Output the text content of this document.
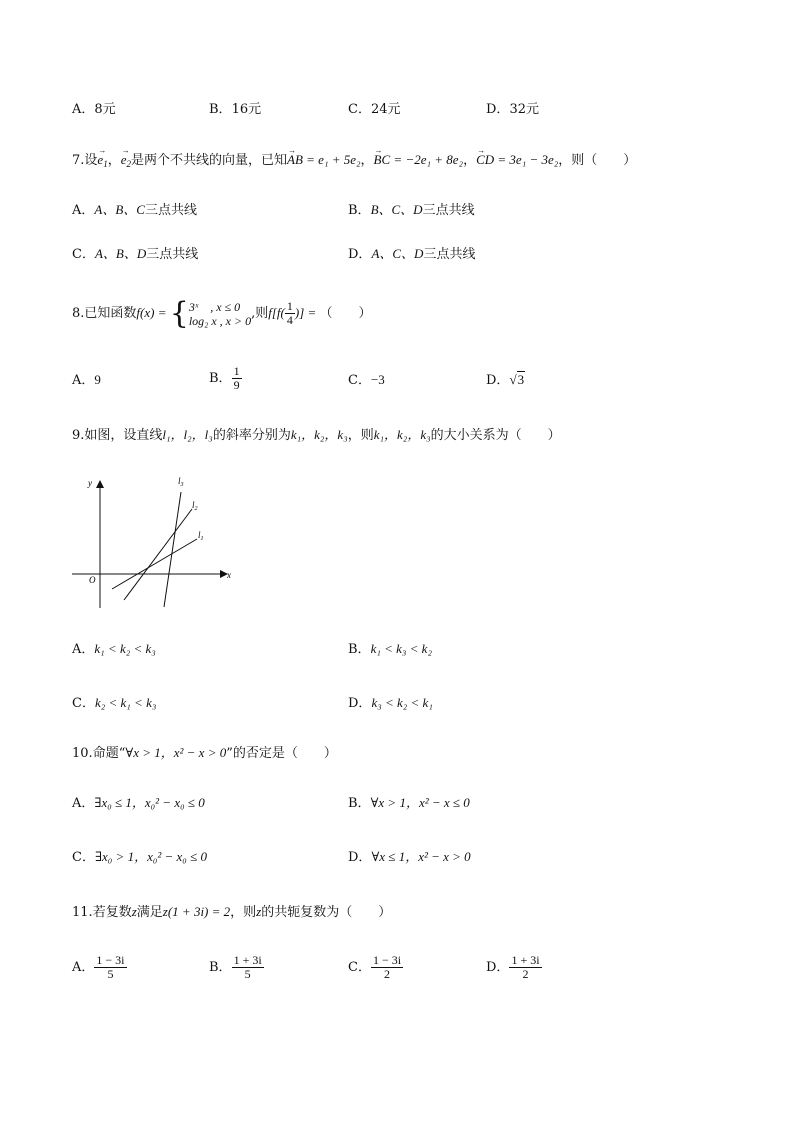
A．8元	B．16元	C．24元	D．32元
7.设→ $e_1$，→ $e_2$是两个不共线的向量，已知→ AB = e₁ + 5e₂，→ BC = −2e₁ + 8e₂，→ CD = 3e₁ − 3e₂，则（　　）
A．A、B、C三点共线	B．B、C、D三点共线
C．A、B、D三点共线	D．A、C、D三点共线
8.已知函数f(x) = { 3ˣ　, x ≤ 0
log₂ x , x > 0 ,则$f[f( \frac{1}{4}$ )] = （　　）
A．9	B． $\frac{1}{9}$	C．−3	D．√3
9.如图，设直线l₁，l₂，l₃的斜率分别为k₁，k₂，k₃，则k₁，k₂，k₃的大小关系为（　　）
y
x
O
$l_1$
$l_2$
$l_3$
A．k₁ < k₂ < k₃	B．k₁ < k₃ < k₂
C．k₂ < k₁ < k₃	D．k₃ < k₂ < k₁
10.命题“∀x > 1，x² − x > 0”的否定是（　　）
A．∃x₀ ≤ 1，x₀² − x₀ ≤ 0	B．∀x > 1，x² − x ≤ 0
C．∃x₀ > 1，x₀² − x₀ ≤ 0	D．∀x ≤ 1，x² − x > 0
11.若复数z满足z(1 + 3i) = 2，则z的共轭复数为（　　）
A． $\frac{1 - 3i}{5}$	B． $\frac{1 + 3i}{5}$	C． $\frac{1 - 3i}{2}$	D． $\frac{1 + 3i}{2}$
